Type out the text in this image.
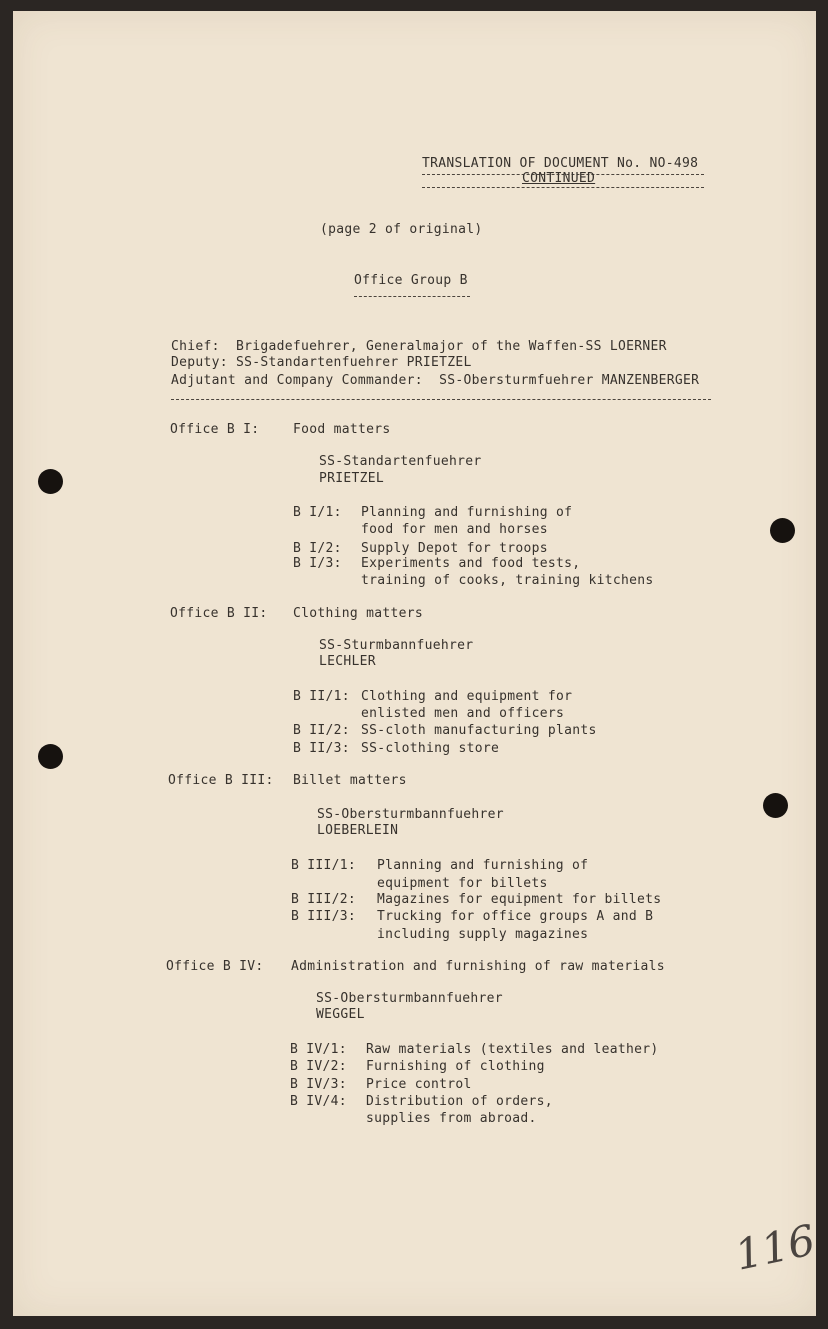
TRANSLATION OF DOCUMENT No. NO-498
CONTINUED
(page 2 of original)
Office Group B
Chief:  Brigadefuehrer, Generalmajor of the Waffen-SS LOERNER
Deputy: SS-Standartenfuehrer PRIETZEL
Adjutant and Company Commander:  SS-Obersturmfuehrer MANZENBERGER
Office B I:	Food matters
SS-Standartenfuehrer
PRIETZEL
B I/1: Planning and furnishing of
food for men and horses
B I/2: Supply Depot for troops
B I/3: Experiments and food tests,
training of cooks, training kitchens
Office B II: Clothing matters
SS-Sturmbannfuehrer
LECHLER
B II/1: Clothing and equipment for
enlisted men and officers
B II/2: SS-cloth manufacturing plants
B II/3: SS-clothing store
Office B III: Billet matters
SS-Obersturmbannfuehrer
LOEBERLEIN
B III/1: Planning and furnishing of
equipment for billets
B III/2: Magazines for equipment for billets
B III/3: Trucking for office groups A and B
including supply magazines
Office B IV: Administration and furnishing of raw materials
SS-Obersturmbannfuehrer
WEGGEL
B IV/1: Raw materials (textiles and leather)
B IV/2: Furnishing of clothing
B IV/3: Price control
B IV/4: Distribution of orders,
supplies from abroad.
116
